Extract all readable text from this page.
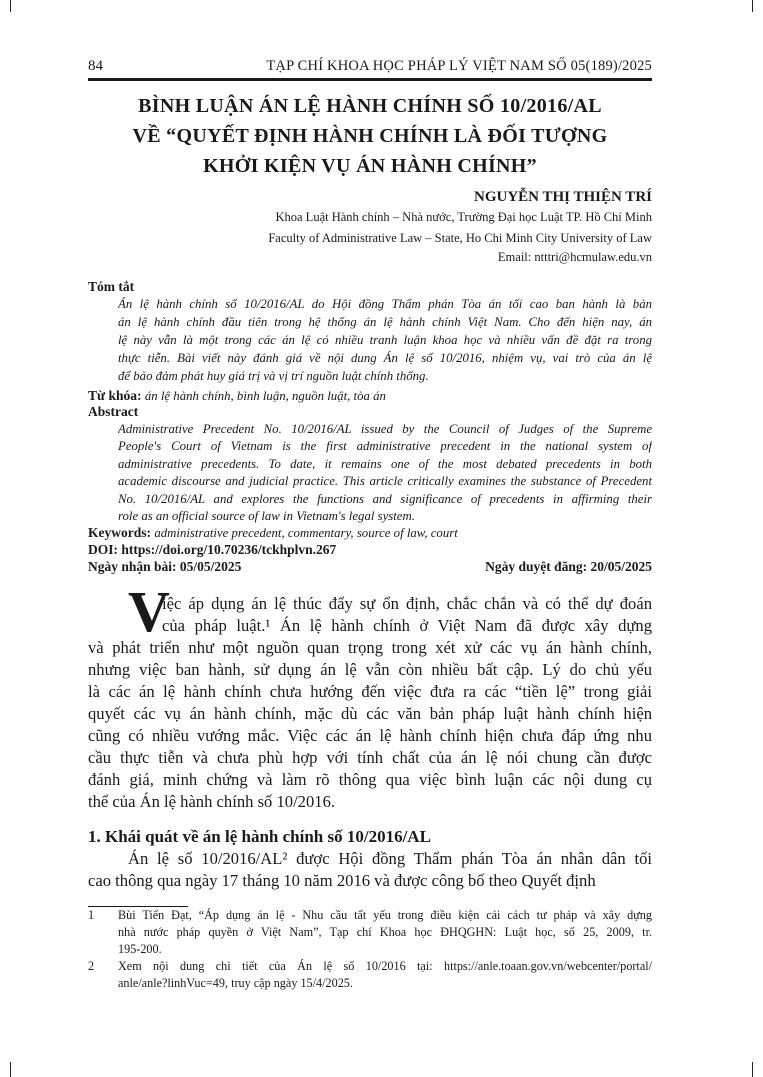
84	TẠP CHÍ KHOA HỌC PHÁP LÝ VIỆT NAM SỐ 05(189)/2025
BÌNH LUẬN ÁN LỆ HÀNH CHÍNH SỐ 10/2016/AL
VỀ “QUYẾT ĐỊNH HÀNH CHÍNH LÀ ĐỐI TƯỢNG
KHỞI KIỆN VỤ ÁN HÀNH CHÍNH”
NGUYỄN THỊ THIỆN TRÍ
Khoa Luật Hành chính – Nhà nước, Trường Đại học Luật TP. Hồ Chí Minh
Faculty of Administrative Law – State, Ho Chi Minh City University of Law
Email: ntttri@hcmulaw.edu.vn
Tóm tắt
Án lệ hành chính số 10/2016/AL do Hội đồng Thẩm phán Tòa án tối cao ban hành là bản
án lệ hành chính đầu tiên trong hệ thống án lệ hành chính Việt Nam. Cho đến hiện nay, án
lệ này vẫn là một trong các án lệ có nhiều tranh luận khoa học và nhiều vấn đề đặt ra trong
thực tiễn. Bài viết này đánh giá về nội dung Án lệ số 10/2016, nhiệm vụ, vai trò của án lệ
để bảo đảm phát huy giá trị và vị trí nguồn luật chính thống.
Từ khóa: án lệ hành chính, bình luận, nguồn luật, tòa án
Abstract
Administrative Precedent No. 10/2016/AL issued by the Council of Judges of the Supreme
People's Court of Vietnam is the first administrative precedent in the national system of
administrative precedents. To date, it remains one of the most debated precedents in both
academic discourse and judicial practice. This article critically examines the substance of Precedent
No. 10/2016/AL and explores the functions and significance of precedents in affirming their
role as an official source of law in Vietnam's legal system.
Keywords: administrative precedent, commentary, source of law, court
DOI: https://doi.org/10.70236/tckhplvn.267
Ngày nhận bài: 05/05/2025	Ngày duyệt đăng: 20/05/2025
V
iệc áp dụng án lệ thúc đẩy sự ổn định, chắc chắn và có thể dự đoán
của pháp luật.¹ Án lệ hành chính ở Việt Nam đã được xây dựng
và phát triển như một nguồn quan trọng trong xét xử các vụ án hành chính,
nhưng việc ban hành, sử dụng án lệ vẫn còn nhiều bất cập. Lý do chủ yếu
là các án lệ hành chính chưa hướng đến việc đưa ra các “tiền lệ” trong giải
quyết các vụ án hành chính, mặc dù các văn bản pháp luật hành chính hiện
cũng có nhiều vướng mắc. Việc các án lệ hành chính hiện chưa đáp ứng nhu
cầu thực tiễn và chưa phù hợp với tính chất của án lệ nói chung cần được
đánh giá, minh chứng và làm rõ thông qua việc bình luận các nội dung cụ
thể của Án lệ hành chính số 10/2016.
1. Khái quát về án lệ hành chính số 10/2016/AL
Án lệ số 10/2016/AL² được Hội đồng Thẩm phán Tòa án nhân dân tối
cao thông qua ngày 17 tháng 10 năm 2016 và được công bố theo Quyết định
1 Bùi Tiến Đạt, “Áp dụng án lệ - Nhu cầu tất yếu trong điều kiện cải cách tư pháp và xây dựng
nhà nước pháp quyền ở Việt Nam”, Tạp chí Khoa học ĐHQGHN: Luật học, số 25, 2009, tr.
195-200.
2 Xem nội dung chi tiết của Án lệ số 10/2016 tại: https://anle.toaan.gov.vn/webcenter/portal/
anle/anle?linhVuc=49, truy cập ngày 15/4/2025.
